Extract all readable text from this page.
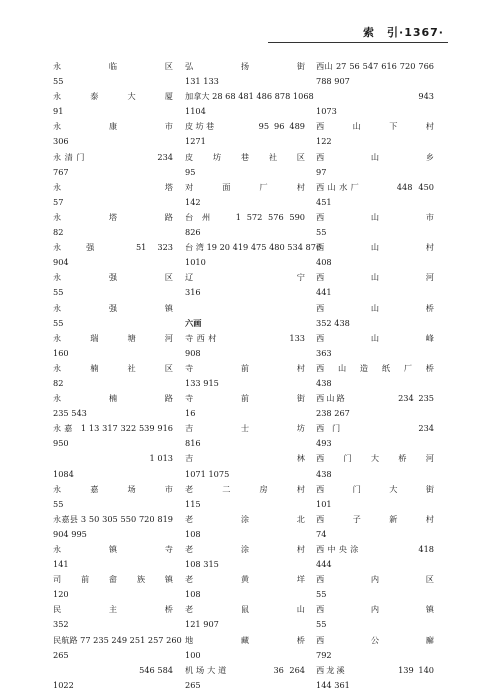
索　引·1367·
永　临　区
55
永　泰　大　厦
91
永　康　市
306
永清门　　　　　　234
767
永　塔
57
永　塔　路
82
永　强　　51 323
904
永　强　区
55
永　强　镇
55
永　瑞　塘　河
160
永　楠　社　区
82
永　楠　路
235 543
永 嘉　1 13 317 322 539 916
950
1 013
1084
永　嘉　场　市
55
永嘉县 3 50 305 550 720 819
904 995
永　镇　寺
141
司　前　畲　族　镇
120
民　主　桥
352
民航路 77 235 249 251 257 260
265
546 584
1022
弘　扬　街
131 133
加拿大 28 68 481 486 878 1068
1104
皮坊巷　　　　95 96 489
1271
皮　坊　巷　社　区
95
对　面　厂　村
142
台 州　　1 572 576 590
826
台 湾 19 20 419 475 480 534 876
1010
辽　宁
316
六画
寺西村　　　　　　133
908
寺　前　村
133 915
寺　前　街
16
吉　士　坊
816
吉　林
1071 1075
老　二　房　村
115
老　涂　北
108
老　涂　村
108 315
老　黄　垟
108
老　鼠　山
121 907
地　藏　桥
100
机场大道　　　　36 264
265
西山 27 56 547 616 720 766
788 907
943
1073
西　山　下　村
122
西　山　乡
97
西山水厂　　　448 450
451
西　山　市
55
西　山　村
408
西　山　河
441
西　山　桥
352 438
西　山　峰
363
西　山　造　纸　厂　桥
438
西山路　　　　　234 235
238 267
西 门　　　　　　　234
493
西　门　大　桥　河
438
西　门　大　街
101
西　子　新　村
74
西中央涂　　　　　418
444
西　内　区
55
西　内　镇
55
西　公　廨
792
西龙溪　　　　　139 140
144 361
